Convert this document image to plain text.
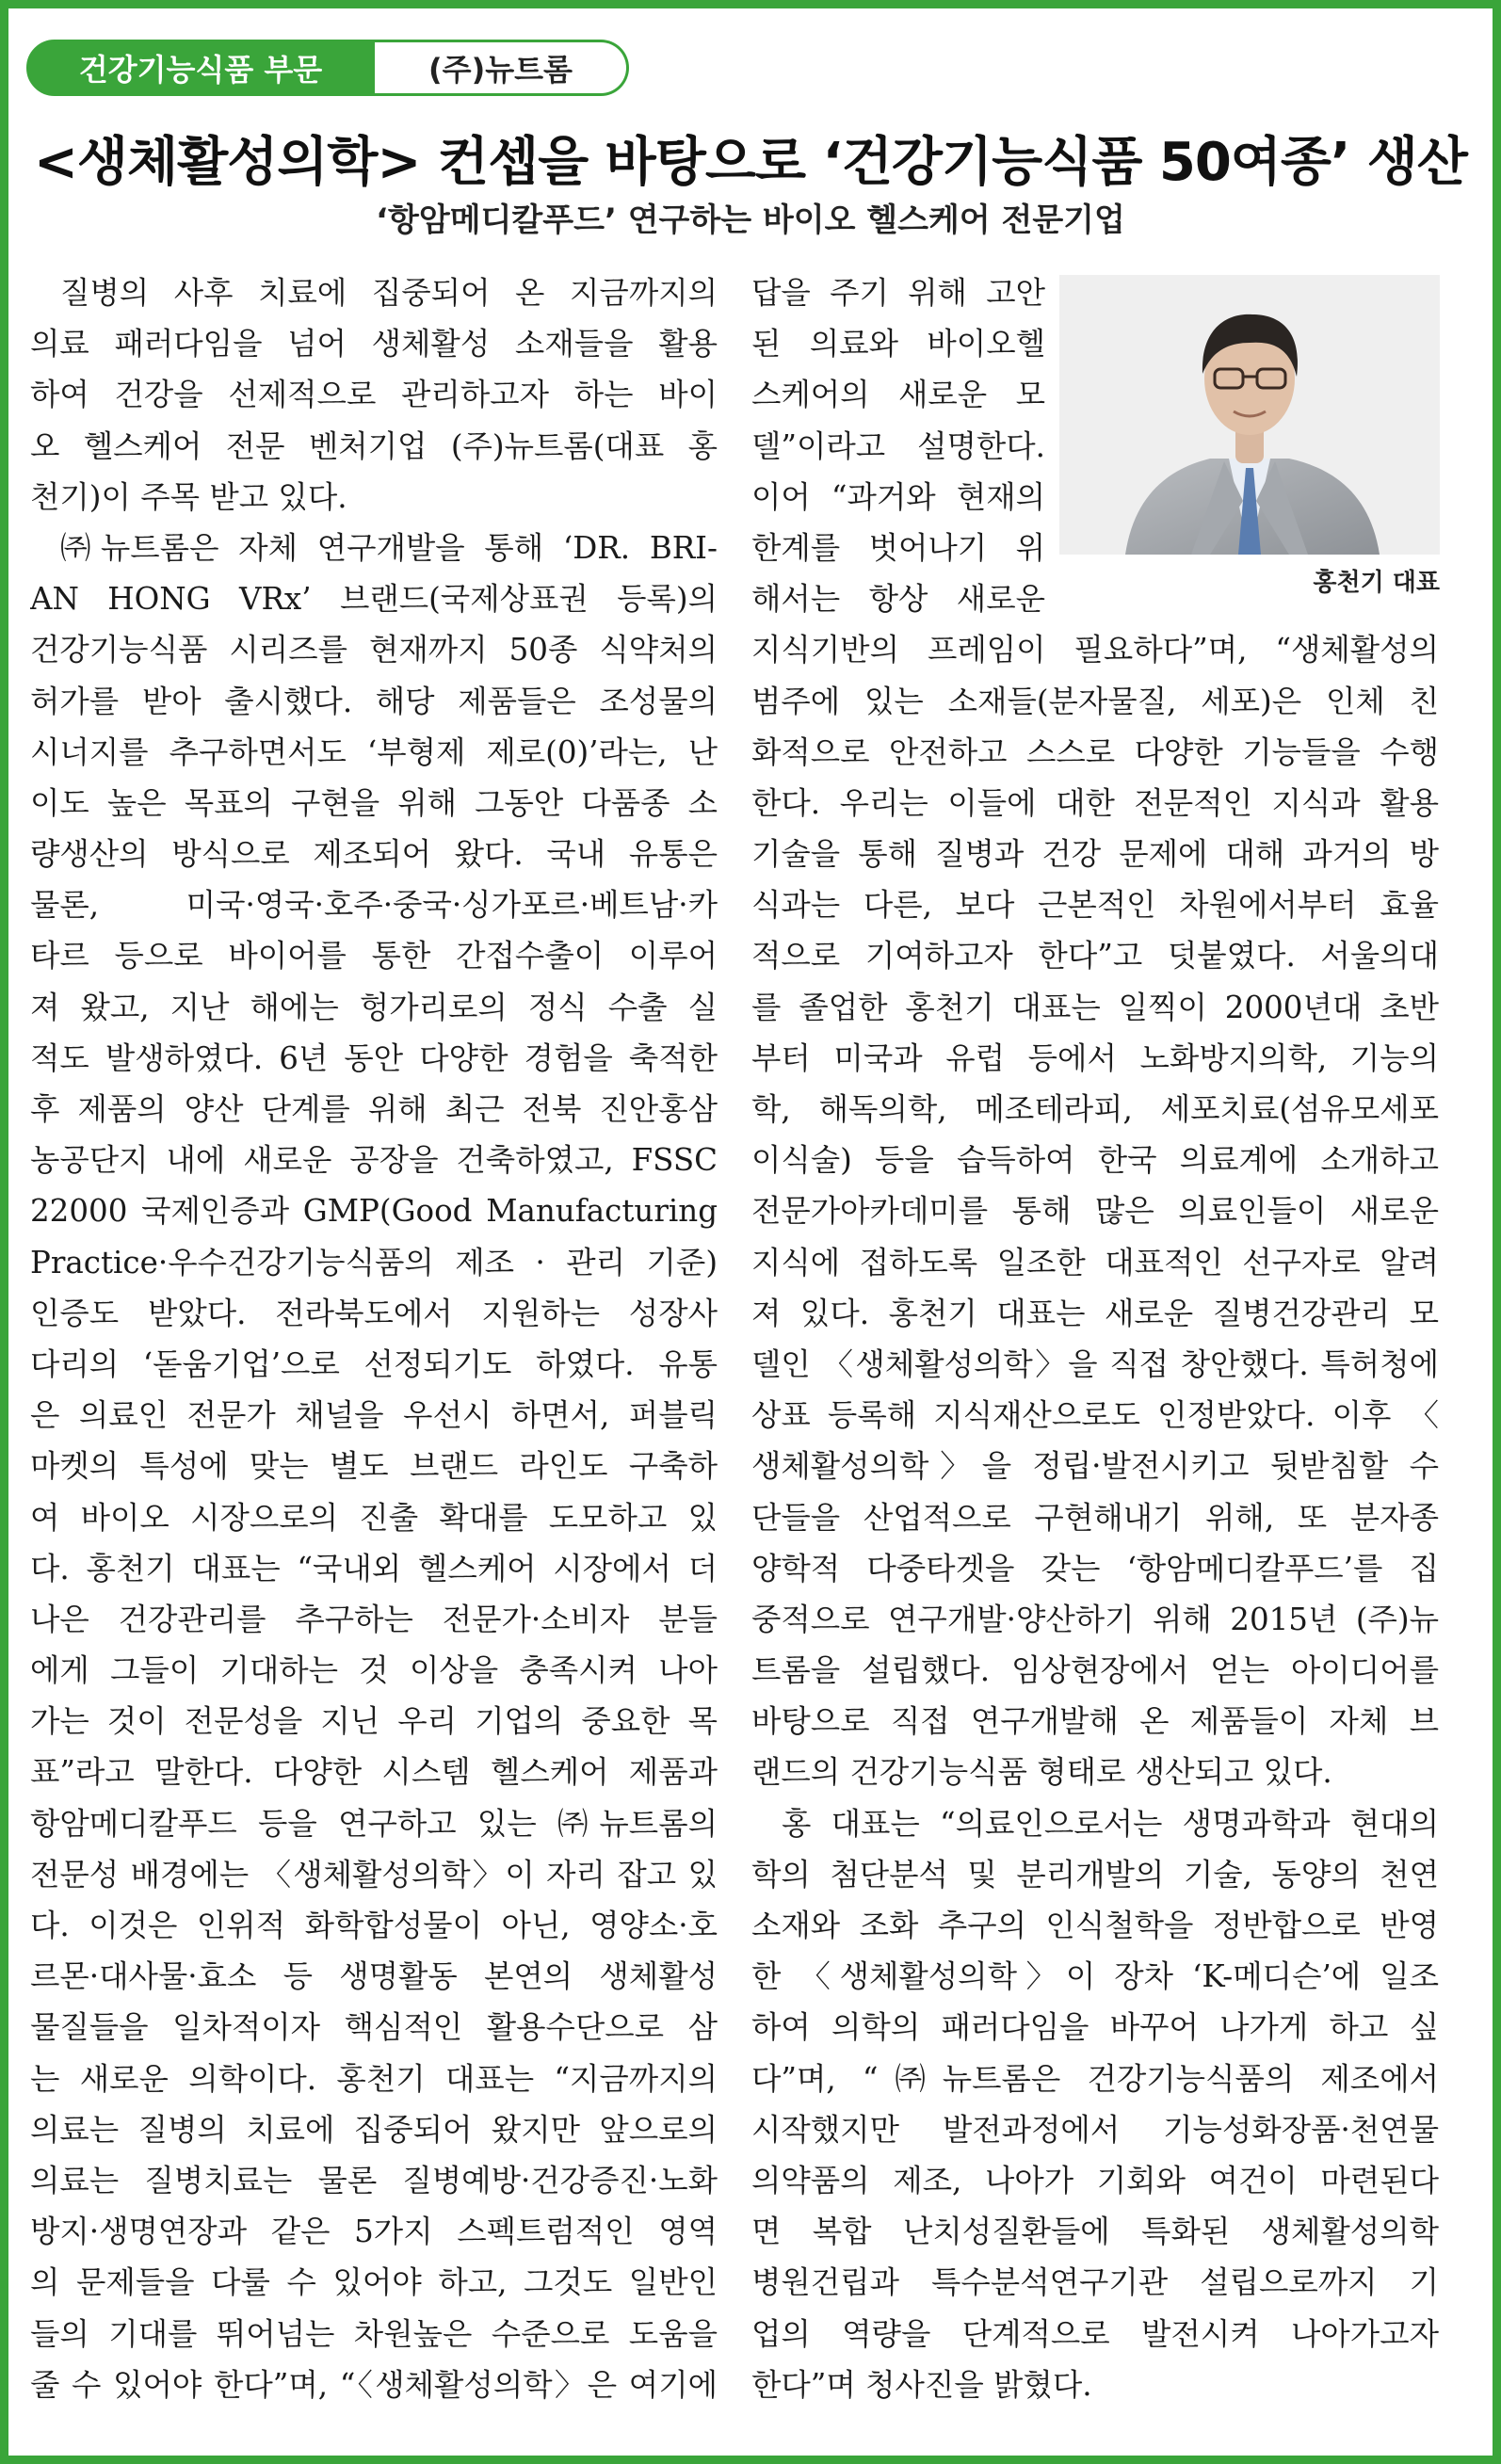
건강기능식품 부문	(주)뉴트롬
<생체활성의학> 컨셉을 바탕으로 ‘건강기능식품 50여종’ 생산
‘항암메디칼푸드’ 연구하는 바이오 헬스케어 전문기업
질병의 사후 치료에 집중되어 온 지금까지의
의료 패러다임을 넘어 생체활성 소재들을 활용
하여 건강을 선제적으로 관리하고자 하는 바이
오 헬스케어 전문 벤처기업 (주)뉴트롬(대표 홍
천기)이 주목 받고 있다.
㈜뉴트롬은 자체 연구개발을 통해 ‘DR. BRI-
AN HONG VRx’ 브랜드(국제상표권 등록)의
건강기능식품 시리즈를 현재까지 50종 식약처의
허가를 받아 출시했다. 해당 제품들은 조성물의
시너지를 추구하면서도 ‘부형제 제로(0)’라는, 난
이도 높은 목표의 구현을 위해 그동안 다품종 소
량생산의 방식으로 제조되어 왔다. 국내 유통은
물론, 미국·영국·호주·중국·싱가포르·베트남·카
타르 등으로 바이어를 통한 간접수출이 이루어
져 왔고, 지난 해에는 헝가리로의 정식 수출 실
적도 발생하였다. 6년 동안 다양한 경험을 축적한
후 제품의 양산 단계를 위해 최근 전북 진안홍삼
농공단지 내에 새로운 공장을 건축하였고, FSSC
22000 국제인증과 GMP(Good Manufacturing
Practice·우수건강기능식품의 제조 · 관리 기준)
인증도 받았다. 전라북도에서 지원하는 성장사
다리의 ‘돋움기업’으로 선정되기도 하였다. 유통
은 의료인 전문가 채널을 우선시 하면서, 퍼블릭
마켓의 특성에 맞는 별도 브랜드 라인도 구축하
여 바이오 시장으로의 진출 확대를 도모하고 있
다. 홍천기 대표는 “국내외 헬스케어 시장에서 더
나은 건강관리를 추구하는 전문가·소비자 분들
에게 그들이 기대하는 것 이상을 충족시켜 나아
가는 것이 전문성을 지닌 우리 기업의 중요한 목
표”라고 말한다. 다양한 시스템 헬스케어 제품과
항암메디칼푸드 등을 연구하고 있는 ㈜뉴트롬의
전문성 배경에는 〈생체활성의학〉이 자리 잡고 있
다. 이것은 인위적 화학합성물이 아닌, 영양소·호
르몬·대사물·효소 등 생명활동 본연의 생체활성
물질들을 일차적이자 핵심적인 활용수단으로 삼
는 새로운 의학이다. 홍천기 대표는 “지금까지의
의료는 질병의 치료에 집중되어 왔지만 앞으로의
의료는 질병치료는 물론 질병예방·건강증진·노화
방지·생명연장과 같은 5가지 스펙트럼적인 영역
의 문제들을 다룰 수 있어야 하고, 그것도 일반인
들의 기대를 뛰어넘는 차원높은 수준으로 도움을
줄 수 있어야 한다”며, “〈생체활성의학〉은 여기에
답을 주기 위해 고안
된 의료와 바이오헬
스케어의 새로운 모
델”이라고 설명한다.
이어 “과거와 현재의
한계를 벗어나기 위
해서는 항상 새로운
지식기반의 프레임이 필요하다”며, “생체활성의
범주에 있는 소재들(분자물질, 세포)은 인체 친
화적으로 안전하고 스스로 다양한 기능들을 수행
한다. 우리는 이들에 대한 전문적인 지식과 활용
기술을 통해 질병과 건강 문제에 대해 과거의 방
식과는 다른, 보다 근본적인 차원에서부터 효율
적으로 기여하고자 한다”고 덧붙였다. 서울의대
를 졸업한 홍천기 대표는 일찍이 2000년대 초반
부터 미국과 유럽 등에서 노화방지의학, 기능의
학, 해독의학, 메조테라피, 세포치료(섬유모세포
이식술) 등을 습득하여 한국 의료계에 소개하고
전문가아카데미를 통해 많은 의료인들이 새로운
지식에 접하도록 일조한 대표적인 선구자로 알려
져 있다. 홍천기 대표는 새로운 질병건강관리 모
델인 〈생체활성의학〉을 직접 창안했다. 특허청에
상표 등록해 지식재산으로도 인정받았다. 이후 〈
생체활성의학〉을 정립·발전시키고 뒷받침할 수
단들을 산업적으로 구현해내기 위해, 또 분자종
양학적 다중타겟을 갖는 ‘항암메디칼푸드’를 집
중적으로 연구개발·양산하기 위해 2015년 (주)뉴
트롬을 설립했다. 임상현장에서 얻는 아이디어를
바탕으로 직접 연구개발해 온 제품들이 자체 브
랜드의 건강기능식품 형태로 생산되고 있다.
홍 대표는 “의료인으로서는 생명과학과 현대의
학의 첨단분석 및 분리개발의 기술, 동양의 천연
소재와 조화 추구의 인식철학을 정반합으로 반영
한 〈생체활성의학〉이 장차 ‘K-메디슨’에 일조
하여 의학의 패러다임을 바꾸어 나가게 하고 싶
다”며, “㈜뉴트롬은 건강기능식품의 제조에서
시작했지만 발전과정에서 기능성화장품·천연물
의약품의 제조, 나아가 기회와 여건이 마련된다
면 복합 난치성질환들에 특화된 생체활성의학
병원건립과 특수분석연구기관 설립으로까지 기
업의 역량을 단계적으로 발전시켜 나아가고자
한다”며 청사진을 밝혔다.
홍천기 대표
